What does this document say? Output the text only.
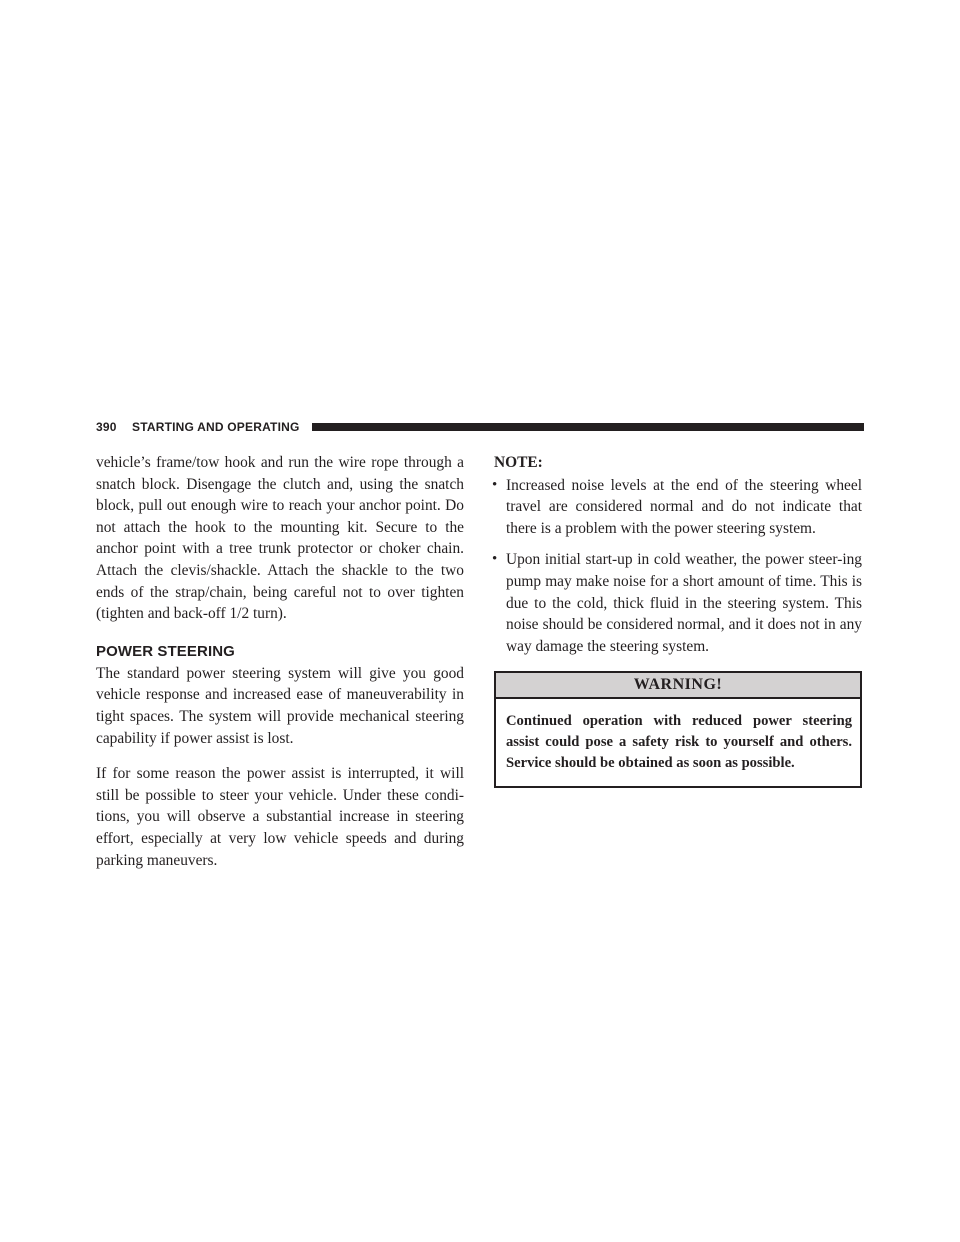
390 STARTING AND OPERATING

vehicle’s frame/tow hook and run the wire rope through a snatch block. Disengage the clutch and, using the snatch block, pull out enough wire to reach your anchor point. Do not attach the hook to the mounting kit. Secure to the anchor point with a tree trunk protector or choker chain. Attach the clevis/shackle. Attach the shackle to the two ends of the strap/chain, being careful not to over tighten (tighten and back-off 1/2 turn).

POWER STEERING

The standard power steering system will give you good vehicle response and increased ease of maneuverability in tight spaces. The system will provide mechanical steering capability if power assist is lost.

If for some reason the power assist is interrupted, it will still be possible to steer your vehicle. Under these condi-tions, you will observe a substantial increase in steering effort, especially at very low vehicle speeds and during parking maneuvers.

NOTE:
• Increased noise levels at the end of the steering wheel travel are considered normal and do not indicate that there is a problem with the power steering system.
• Upon initial start-up in cold weather, the power steer-ing pump may make noise for a short amount of time. This is due to the cold, thick fluid in the steering system. This noise should be considered normal, and it does not in any way damage the steering system.
WARNING!
Continued operation with reduced power steering assist could pose a safety risk to yourself and others. Service should be obtained as soon as possible.
